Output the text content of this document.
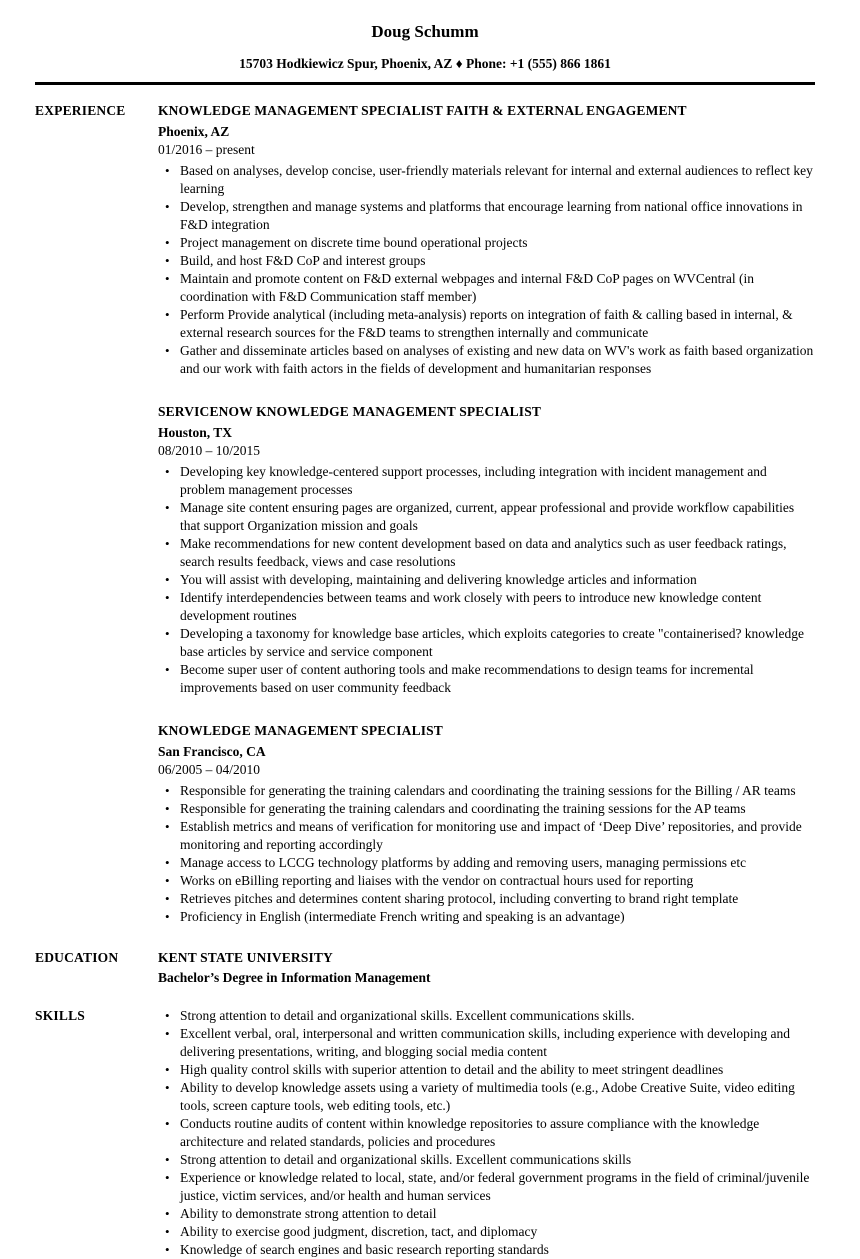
Doug Schumm
15703 Hodkiewicz Spur, Phoenix, AZ ♦ Phone: +1 (555) 866 1861
EXPERIENCE	KNOWLEDGE MANAGEMENT SPECIALIST FAITH & EXTERNAL ENGAGEMENT
Phoenix, AZ
01/2016 – present
• Based on analyses, develop concise, user-friendly materials relevant for internal and external audiences to reflect key learning
• Develop, strengthen and manage systems and platforms that encourage learning from national office innovations in F&D integration
• Project management on discrete time bound operational projects
• Build, and host F&D CoP and interest groups
• Maintain and promote content on F&D external webpages and internal F&D CoP pages on WVCentral (in coordination with F&D Communication staff member)
• Perform Provide analytical (including meta-analysis) reports on integration of faith & calling based in internal, & external research sources for the F&D teams to strengthen internally and communicate
• Gather and disseminate articles based on analyses of existing and new data on WV's work as faith based organization and our work with faith actors in the fields of development and humanitarian responses
SERVICENOW KNOWLEDGE MANAGEMENT SPECIALIST
Houston, TX
08/2010 – 10/2015
• Developing key knowledge-centered support processes, including integration with incident management and problem management processes
• Manage site content ensuring pages are organized, current, appear professional and provide workflow capabilities that support Organization mission and goals
• Make recommendations for new content development based on data and analytics such as user feedback ratings, search results feedback, views and case resolutions
• You will assist with developing, maintaining and delivering knowledge articles and information
• Identify interdependencies between teams and work closely with peers to introduce new knowledge content development routines
• Developing a taxonomy for knowledge base articles, which exploits categories to create "containerised? knowledge base articles by service and service component
• Become super user of content authoring tools and make recommendations to design teams for incremental improvements based on user community feedback
KNOWLEDGE MANAGEMENT SPECIALIST
San Francisco, CA
06/2005 – 04/2010
• Responsible for generating the training calendars and coordinating the training sessions for the Billing / AR teams
• Responsible for generating the training calendars and coordinating the training sessions for the AP teams
• Establish metrics and means of verification for monitoring use and impact of ‘Deep Dive’ repositories, and provide monitoring and reporting accordingly
• Manage access to LCCG technology platforms by adding and removing users, managing permissions etc
• Works on eBilling reporting and liaises with the vendor on contractual hours used for reporting
• Retrieves pitches and determines content sharing protocol, including converting to brand right template
• Proficiency in English (intermediate French writing and speaking is an advantage)
EDUCATION	KENT STATE UNIVERSITY
Bachelor’s Degree in Information Management
SKILLS	• Strong attention to detail and organizational skills. Excellent communications skills.
• Excellent verbal, oral, interpersonal and written communication skills, including experience with developing and delivering presentations, writing, and blogging social media content
• High quality control skills with superior attention to detail and the ability to meet stringent deadlines
• Ability to develop knowledge assets using a variety of multimedia tools (e.g., Adobe Creative Suite, video editing tools, screen capture tools, web editing tools, etc.)
• Conducts routine audits of content within knowledge repositories to assure compliance with the knowledge architecture and related standards, policies and procedures
• Strong attention to detail and organizational skills. Excellent communications skills
• Experience or knowledge related to local, state, and/or federal government programs in the field of criminal/juvenile justice, victim services, and/or health and human services
• Ability to demonstrate strong attention to detail
• Ability to exercise good judgment, discretion, tact, and diplomacy
• Knowledge of search engines and basic research reporting standards
